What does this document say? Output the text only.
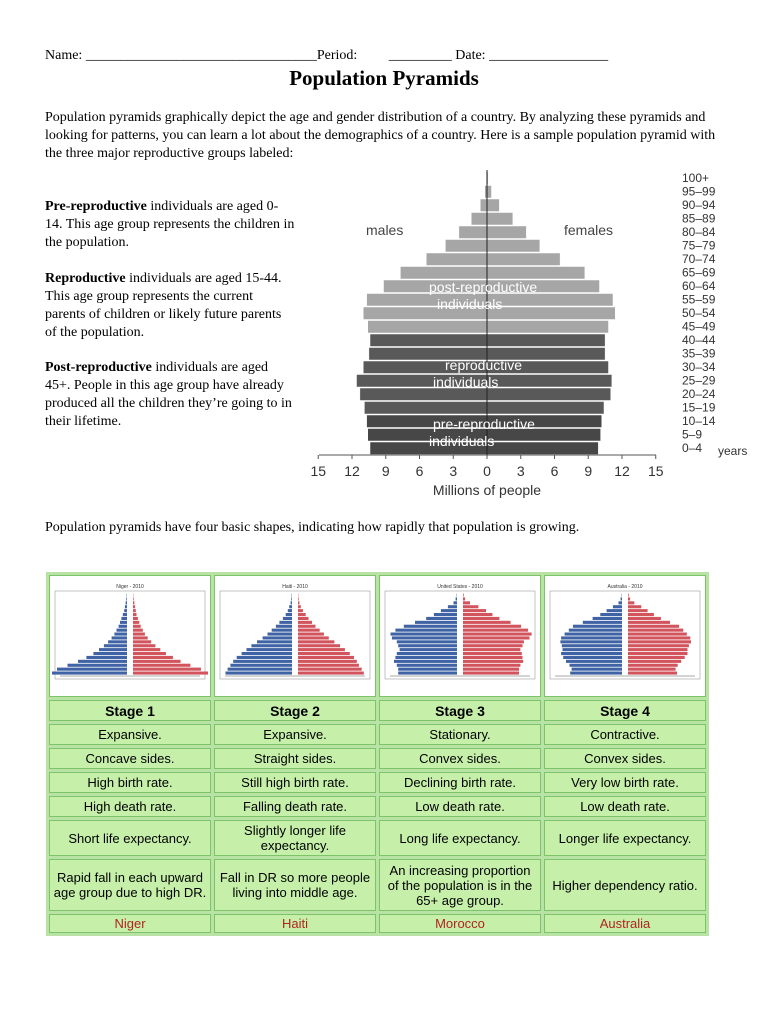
Name: _________________________________Period:         _________ Date: _________________
Population Pyramids
Population pyramids graphically depict the age and gender distribution of a country. By analyzing these pyramids and looking for patterns, you can learn a lot about the demographics of a country. Here is a sample population pyramid with the three major reproductive groups labeled:
Pre-reproductive individuals are aged 0-14. This age group represents the children in the population.
Reproductive individuals are aged 15-44. This age group represents the current parents of children or likely future parents of the population.
Post-reproductive individuals are aged 45+. People in this age group have already produced all the children they’re going to in their lifetime.
15 12 9 6 3 0 3 6 9 12 15
males	females
post-reproductive
individuals
reproductive
individuals
pre-reproductive
individuals
Millions of people
0–4
5–9
10–14
15–19
20–24
25–29
30–34
35–39
40–44
45–49
50–54
55–59
60–64
65–69
70–74
75–79
80–84
85–89
90–94
95–99
100+
years
Population pyramids have four basic shapes, indicating how rapidly that population is growing.
Niger - 2010	Haiti - 2010	United States - 2010	Australia - 2010

Stage 1	Stage 2	Stage 3	Stage 4
Expansive.	Expansive.	Stationary.	Contractive.
Concave sides.	Straight sides.	Convex sides.	Convex sides.
High birth rate.	Still high birth rate.	Declining birth rate.	Very low birth rate.
High death rate.	Falling death rate.	Low death rate.	Low death rate.
Short life expectancy.	Slightly longer life expectancy.	Long life expectancy.	Longer life expectancy.
Rapid fall in each upward age group due to high DR.	Fall in DR so more people living into middle age.	An increasing proportion of the population is in the 65+ age group.	Higher dependency ratio.
Niger	Haiti	Morocco	Australia
